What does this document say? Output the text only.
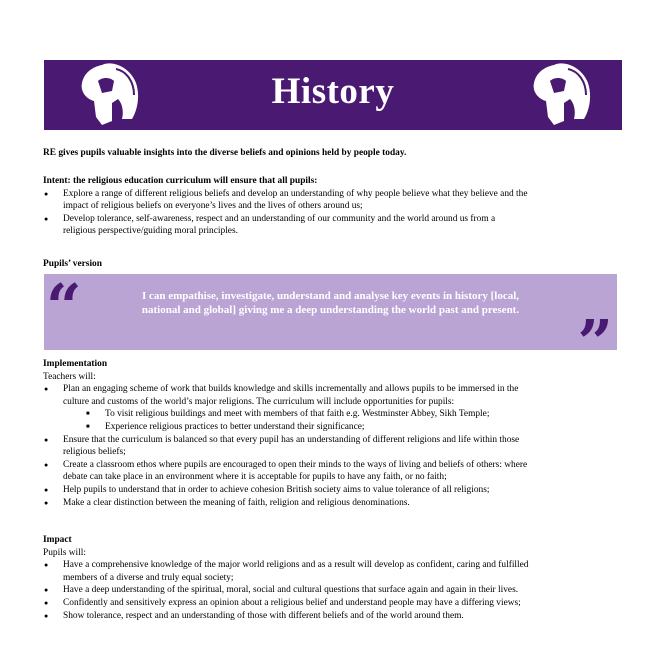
History
RE gives pupils valuable insights into the diverse beliefs and opinions held by people today.
Intent: the religious education curriculum will ensure that all pupils:
● Explore a range of different religious beliefs and develop an understanding of why people believe what they believe and the
impact of religious beliefs on everyone’s lives and the lives of others around us;
● Develop tolerance, self-awareness, respect and an understanding of our community and the world around us from a
religious perspective/guiding moral principles.
Pupils’ version
“	I can empathise, investigate, understand and analyse key events in history [local,
national and global] giving me a deep understanding the world past and present. ”
Implementation
Teachers will:
● Plan an engaging scheme of work that builds knowledge and skills incrementally and allows pupils to be immersed in the
culture and customs of the world’s major religions. The curriculum will include opportunities for pupils:
■ To visit religious buildings and meet with members of that faith e.g. Westminster Abbey, Sikh Temple;
■ Experience religious practices to better understand their significance;
● Ensure that the curriculum is balanced so that every pupil has an understanding of different religions and life within those
religious beliefs;
● Create a classroom ethos where pupils are encouraged to open their minds to the ways of living and beliefs of others: where
debate can take place in an environment where it is acceptable for pupils to have any faith, or no faith;
● Help pupils to understand that in order to achieve cohesion British society aims to value tolerance of all religions;
● Make a clear distinction between the meaning of faith, religion and religious denominations.
Impact
Pupils will:
● Have a comprehensive knowledge of the major world religions and as a result will develop as confident, caring and fulfilled
members of a diverse and truly equal society;
● Have a deep understanding of the spiritual, moral, social and cultural questions that surface again and again in their lives.
● Confidently and sensitively express an opinion about a religious belief and understand people may have a differing views;
● Show tolerance, respect and an understanding of those with different beliefs and of the world around them.
